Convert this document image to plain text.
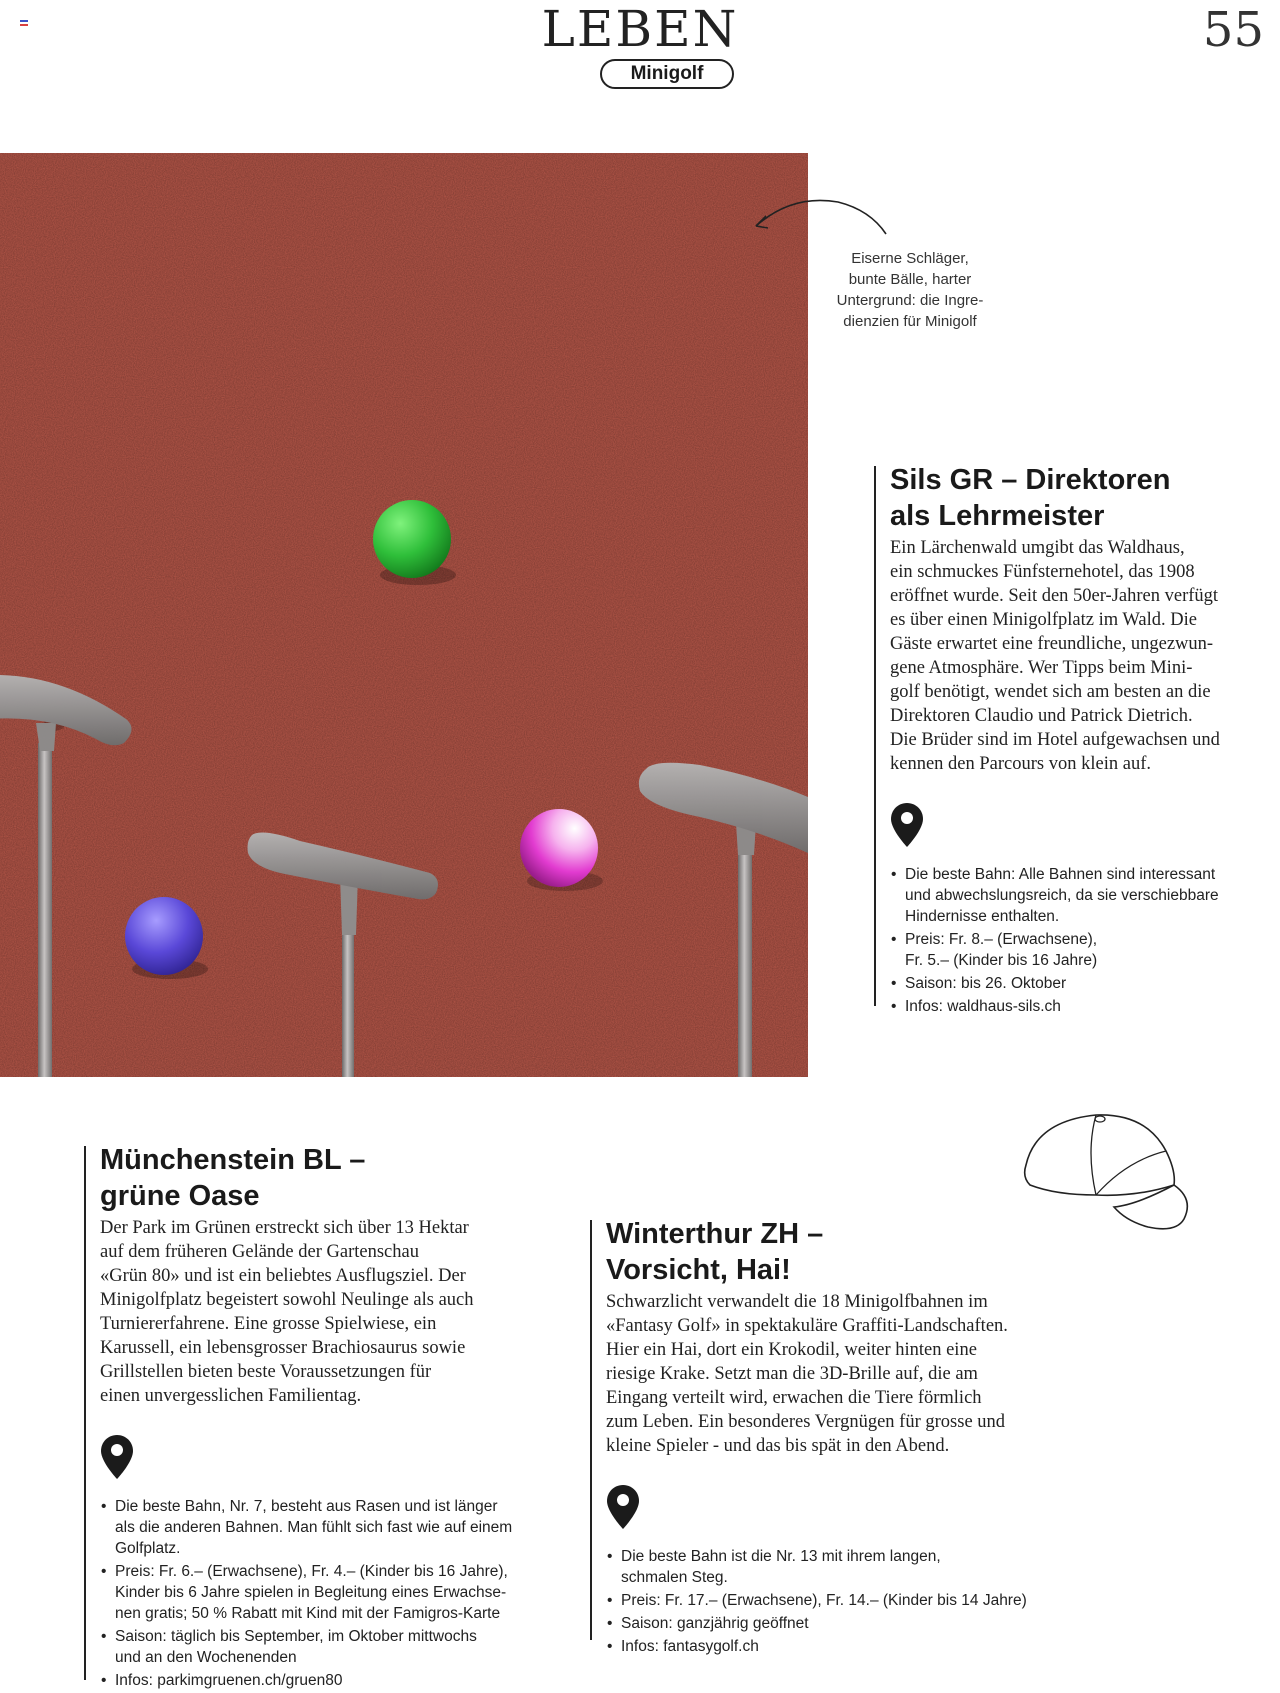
LEBEN
Minigolf
55
Eiserne Schläger,
bunte Bälle, harter
Untergrund: die Ingre-
dienzien für Minigolf
Sils GR – Direktoren
als Lehrmeister
Ein Lärchenwald umgibt das Waldhaus,
ein schmuckes Fünfsternehotel, das 1908
eröffnet wurde. Seit den 50er-Jahren verfügt
es über einen Minigolfplatz im Wald. Die
Gäste erwartet eine freundliche, ungezwun-
gene Atmosphäre. Wer Tipps beim Mini-
golf benötigt, wendet sich am besten an die
Direktoren Claudio und Patrick Dietrich.
Die Brüder sind im Hotel aufgewachsen und
kennen den Parcours von klein auf.
• Die beste Bahn: Alle Bahnen sind interessant
und abwechslungsreich, da sie verschiebbare
Hindernisse enthalten.
• Preis: Fr. 8.– (Erwachsene),
Fr. 5.– (Kinder bis 16 Jahre)
• Saison: bis 26. Oktober
• Infos: waldhaus-sils.ch
Münchenstein BL –
grüne Oase
Der Park im Grünen erstreckt sich über 13 Hektar
auf dem früheren Gelände der Gartenschau
«Grün 80» und ist ein beliebtes Ausflugsziel. Der
Minigolfplatz begeistert sowohl Neulinge als auch
Turniererfahrene. Eine grosse Spielwiese, ein
Karussell, ein lebensgrosser Brachiosaurus sowie
Grillstellen bieten beste Voraussetzungen für
einen unvergesslichen Familientag.
• Die beste Bahn, Nr. 7, besteht aus Rasen und ist länger
als die anderen Bahnen. Man fühlt sich fast wie auf einem
Golfplatz.
• Preis: Fr. 6.– (Erwachsene), Fr. 4.– (Kinder bis 16 Jahre),
Kinder bis 6 Jahre spielen in Begleitung eines Erwachse-
nen gratis; 50 % Rabatt mit Kind mit der Famigros-Karte
• Saison: täglich bis September, im Oktober mittwochs
und an den Wochenenden
• Infos: parkimgruenen.ch/gruen80
Winterthur ZH –
Vorsicht, Hai!
Schwarzlicht verwandelt die 18 Minigolfbahnen im
«Fantasy Golf» in spektakuläre Graffiti-Landschaften.
Hier ein Hai, dort ein Krokodil, weiter hinten eine
riesige Krake. Setzt man die 3D-Brille auf, die am
Eingang verteilt wird, erwachen die Tiere förmlich
zum Leben. Ein besonderes Vergnügen für grosse und
kleine Spieler - und das bis spät in den Abend.
• Die beste Bahn ist die Nr. 13 mit ihrem langen,
schmalen Steg.
• Preis: Fr. 17.– (Erwachsene), Fr. 14.– (Kinder bis 14 Jahre)
• Saison: ganzjährig geöffnet
• Infos: fantasygolf.ch
